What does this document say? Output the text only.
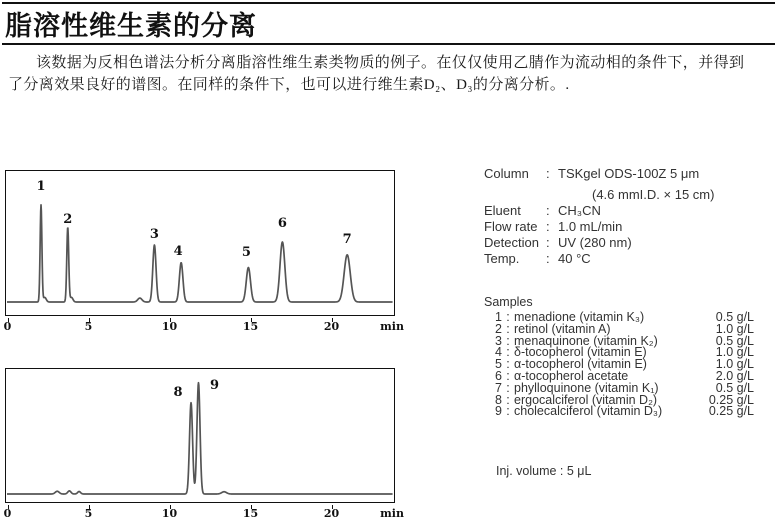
脂溶性维生素的分离
该数据为反相色谱法分析分离脂溶性维生素类物质的例子。在仅仅使用乙腈作为流动相的条件下，并得到
了分离效果良好的谱图。在同样的条件下，也可以进行维生素D₂、D₃的分离分析。.
1
2
3
4	5
6
7
min
0	5	10	15	20
8 9
min
0	5	10	15	20
Column	: TSKgel ODS-100Z 5 μm
(4.6 mmI.D. × 15 cm)
Eluent	: CH₃CN
Flow rate : 1.0 mL/min
Detection : UV (280 nm)
Temp.	: 40 °C
Samples
1 : menadione (vitamin K₃)	0.5 g/L
2 : retinol (vitamin A)	1.0 g/L
3 : menaquinone (vitamin K₂)	0.5 g/L
4 : δ-tocopherol (vitamin E)	1.0 g/L
5 : α-tocopherol (vitamin E)	1.0 g/L
6 : α-tocopherol acetate	2.0 g/L
7 : phylloquinone (vitamin K₁)	0.5 g/L
8 : ergocalciferol (vitamin D₂)	0.25 g/L
9 : cholecalciferol (vitamin D₃)	0.25 g/L
Inj. volume : 5 μL
